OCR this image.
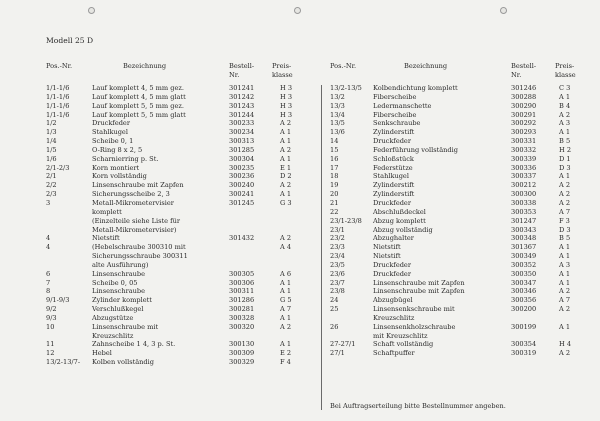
Modell 25 D
Pos.-Nr.	Bezeichnung	Bestell-
Nr.
Preis-
klasse
Pos.-Nr.	Bezeichnung	Bestell-
Nr.
Preis-
klasse
1/1-1/6	Lauf komplett 4, 5 mm gez.	301241	H 3
1/1-1/6	Lauf komplett 4, 5 mm glatt	301242	H 3
1/1-1/6	Lauf komplett 5, 5 mm gez.	301243	H 3
1/1-1/6	Lauf komplett 5, 5 mm glatt	301244	H 3
1/2	Druckfeder	300233	A 2
1/3	Stahlkugel	300234	A 1
1/4	Scheibe 0, 1	300313	A 1
1/5	O-Ring 8 x 2, 5	301285	A 2
1/6	Scharnierring p. St.	300304	A 1
2/1-2/3	Korn montiert	300235	E 1
2/1	Korn vollständig	300236	D 2
2/2	Linsenschraube mit Zapfen	300240	A 2
2/3	Sicherungsscheibe 2, 3	300241	A 1
3	Metall-Mikrometervisier	301245	G 3
komplett
(Einzelteile siehe Liste für
Metall-Mikrometervisier)
4	Nietstift	301432	A 2
4	(Hebelschraube 300310 mit	A 4
Sicherungsschraube 300311
alte Ausführung)
6	Linsenschraube	300305	A 6
7	Scheibe 0, 05	300306	A 1
8	Linsenschraube	300311	A 1
9/1-9/3	Zylinder komplett	301286	G 5
9/2	Verschlußkegel	300281	A 7
9/3	Abzugstütze	300328	A 1
10	Linsenschraube mit	300320	A 2
Kreuzschlitz
11	Zahnscheibe 1 4, 3 p. St.	300130	A 1
12	Hebel	300309	E 2
13/2-13/7- Kolben vollständig	300329	F 4
13/2-13/5 Kolbendichtung komplett	301246	C 3
13/2	Fiberscheibe	300288	A 1
13/3	Ledermanschette	300290	B 4
13/4	Fiberscheibe	300291	A 2
13/5	Senkschraube	300292	A 3
13/6	Zylinderstift	300293	A 1
14	Druckfeder	300331	B 5
15	Federführung vollständig	300332	H 2
16	Schloßstück	300339	D 1
17	Federstütze	300336	D 3
18	Stahlkugel	300337	A 1
19	Zylinderstift	300212	A 2
20	Zylinderstift	300300	A 2
21	Druckfeder	300338	A 2
22	Abschlußdeckel	300353	A 7
23/1-23/8 Abzug komplett	301247	F 3
23/1	Abzug vollständig	300343	D 3
23/2	Abzughalter	300348	B 5
23/3	Nietstift	301367	A 1
23/4	Nietstift	300349	A 1
23/5	Druckfeder	300352	A 3
23/6	Druckfeder	300350	A 1
23/7	Linsenschraube mit Zapfen	300347	A 1
23/8	Linsenschraube mit Zapfen	300346	A 2
24	Abzugbügel	300356	A 7
25	Linsensenkschraube mit	300200	A 2
Kreuzschlitz
26	Linsensenkholzschraube	300199	A 1
mit Kreuzschlitz
27-27/1	Schaft vollständig	300354	H 4
27/1	Schaftpuffer	300319	A 2
Bei Auftragserteilung bitte Bestellnummer angeben.
